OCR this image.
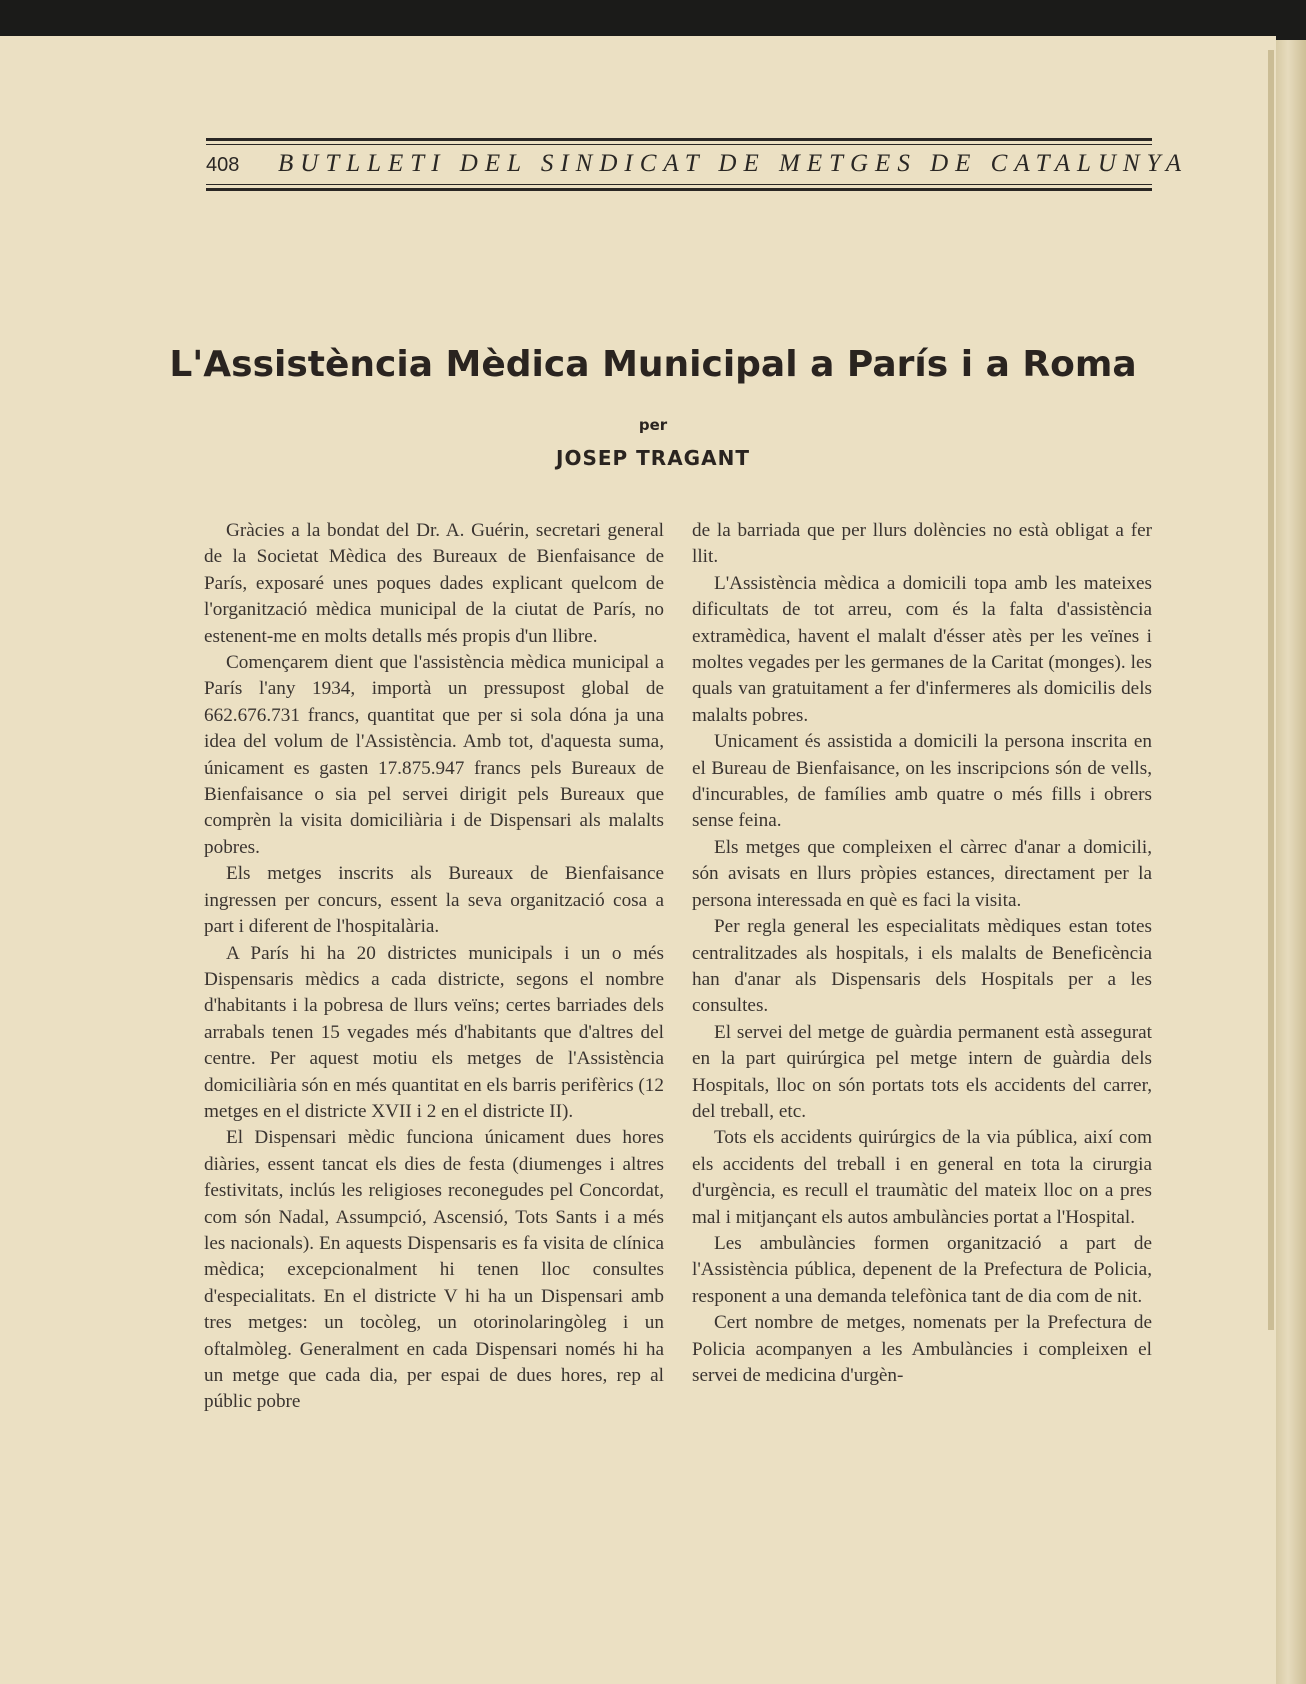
408 BUTLLETI DEL SINDICAT DE METGES DE CATALUNYA
L'Assistència Mèdica Municipal a París i a Roma
per
JOSEP TRAGANT

Gràcies a la bondat del Dr. A. Guérin, secretari general de la Societat Mèdica des Bureaux de Bienfaisance de París, exposaré unes poques dades explicant quelcom de l'organització mèdica municipal de la ciutat de París, no estenent-me en molts detalls més propis d'un llibre.

Començarem dient que l'assistència mèdica municipal a París l'any 1934, importà un pressupost global de 662.676.731 francs, quantitat que per si sola dóna ja una idea del volum de l'Assistència. Amb tot, d'aquesta suma, únicament es gasten 17.875.947 francs pels Bureaux de Bienfaisance o sia pel servei dirigit pels Bureaux que comprèn la visita domiciliària i de Dispensari als malalts pobres.

Els metges inscrits als Bureaux de Bienfaisance ingressen per concurs, essent la seva organització cosa a part i diferent de l'hospitalària.

A París hi ha 20 districtes municipals i un o més Dispensaris mèdics a cada districte, segons el nombre d'habitants i la pobresa de llurs veïns; certes barriades dels arrabals tenen 15 vegades més d'habitants que d'altres del centre. Per aquest motiu els metges de l'Assistència domiciliària són en més quantitat en els barris perifèrics (12 metges en el districte XVII i 2 en el districte II).

El Dispensari mèdic funciona únicament dues hores diàries, essent tancat els dies de festa (diumenges i altres festivitats, inclús les religioses reconegudes pel Concordat, com són Nadal, Assumpció, Ascensió, Tots Sants i a més les nacionals). En aquests Dispensaris es fa visita de clínica mèdica; excepcionalment hi tenen lloc consultes d'especialitats. En el districte V hi ha un Dispensari amb tres metges: un tocòleg, un otorinolaringòleg i un oftalmòleg. Generalment en cada Dispensari només hi ha un metge que cada dia, per espai de dues hores, rep al públic pobre

de la barriada que per llurs dolències no està obligat a fer llit.

L'Assistència mèdica a domicili topa amb les mateixes dificultats de tot arreu, com és la falta d'assistència extramèdica, havent el malalt d'ésser atès per les veïnes i moltes vegades per les germanes de la Caritat (monges). les quals van gratuitament a fer d'infermeres als domicilis dels malalts pobres.

Unicament és assistida a domicili la persona inscrita en el Bureau de Bienfaisance, on les inscripcions són de vells, d'incurables, de famílies amb quatre o més fills i obrers sense feina.

Els metges que compleixen el càrrec d'anar a domicili, són avisats en llurs pròpies estances, directament per la persona interessada en què es faci la visita.

Per regla general les especialitats mèdiques estan totes centralitzades als hospitals, i els malalts de Beneficència han d'anar als Dispensaris dels Hospitals per a les consultes.

El servei del metge de guàrdia permanent està assegurat en la part quirúrgica pel metge intern de guàrdia dels Hospitals, lloc on són portats tots els accidents del carrer, del treball, etc.

Tots els accidents quirúrgics de la via pública, així com els accidents del treball i en general en tota la cirurgia d'urgència, es recull el traumàtic del mateix lloc on a pres mal i mitjançant els autos ambulàncies portat a l'Hospital.

Les ambulàncies formen organització a part de l'Assistència pública, depenent de la Prefectura de Policia, responent a una demanda telefònica tant de dia com de nit.

Cert nombre de metges, nomenats per la Prefectura de Policia acompanyen a les Ambulàncies i compleixen el servei de medicina d'urgèn-
